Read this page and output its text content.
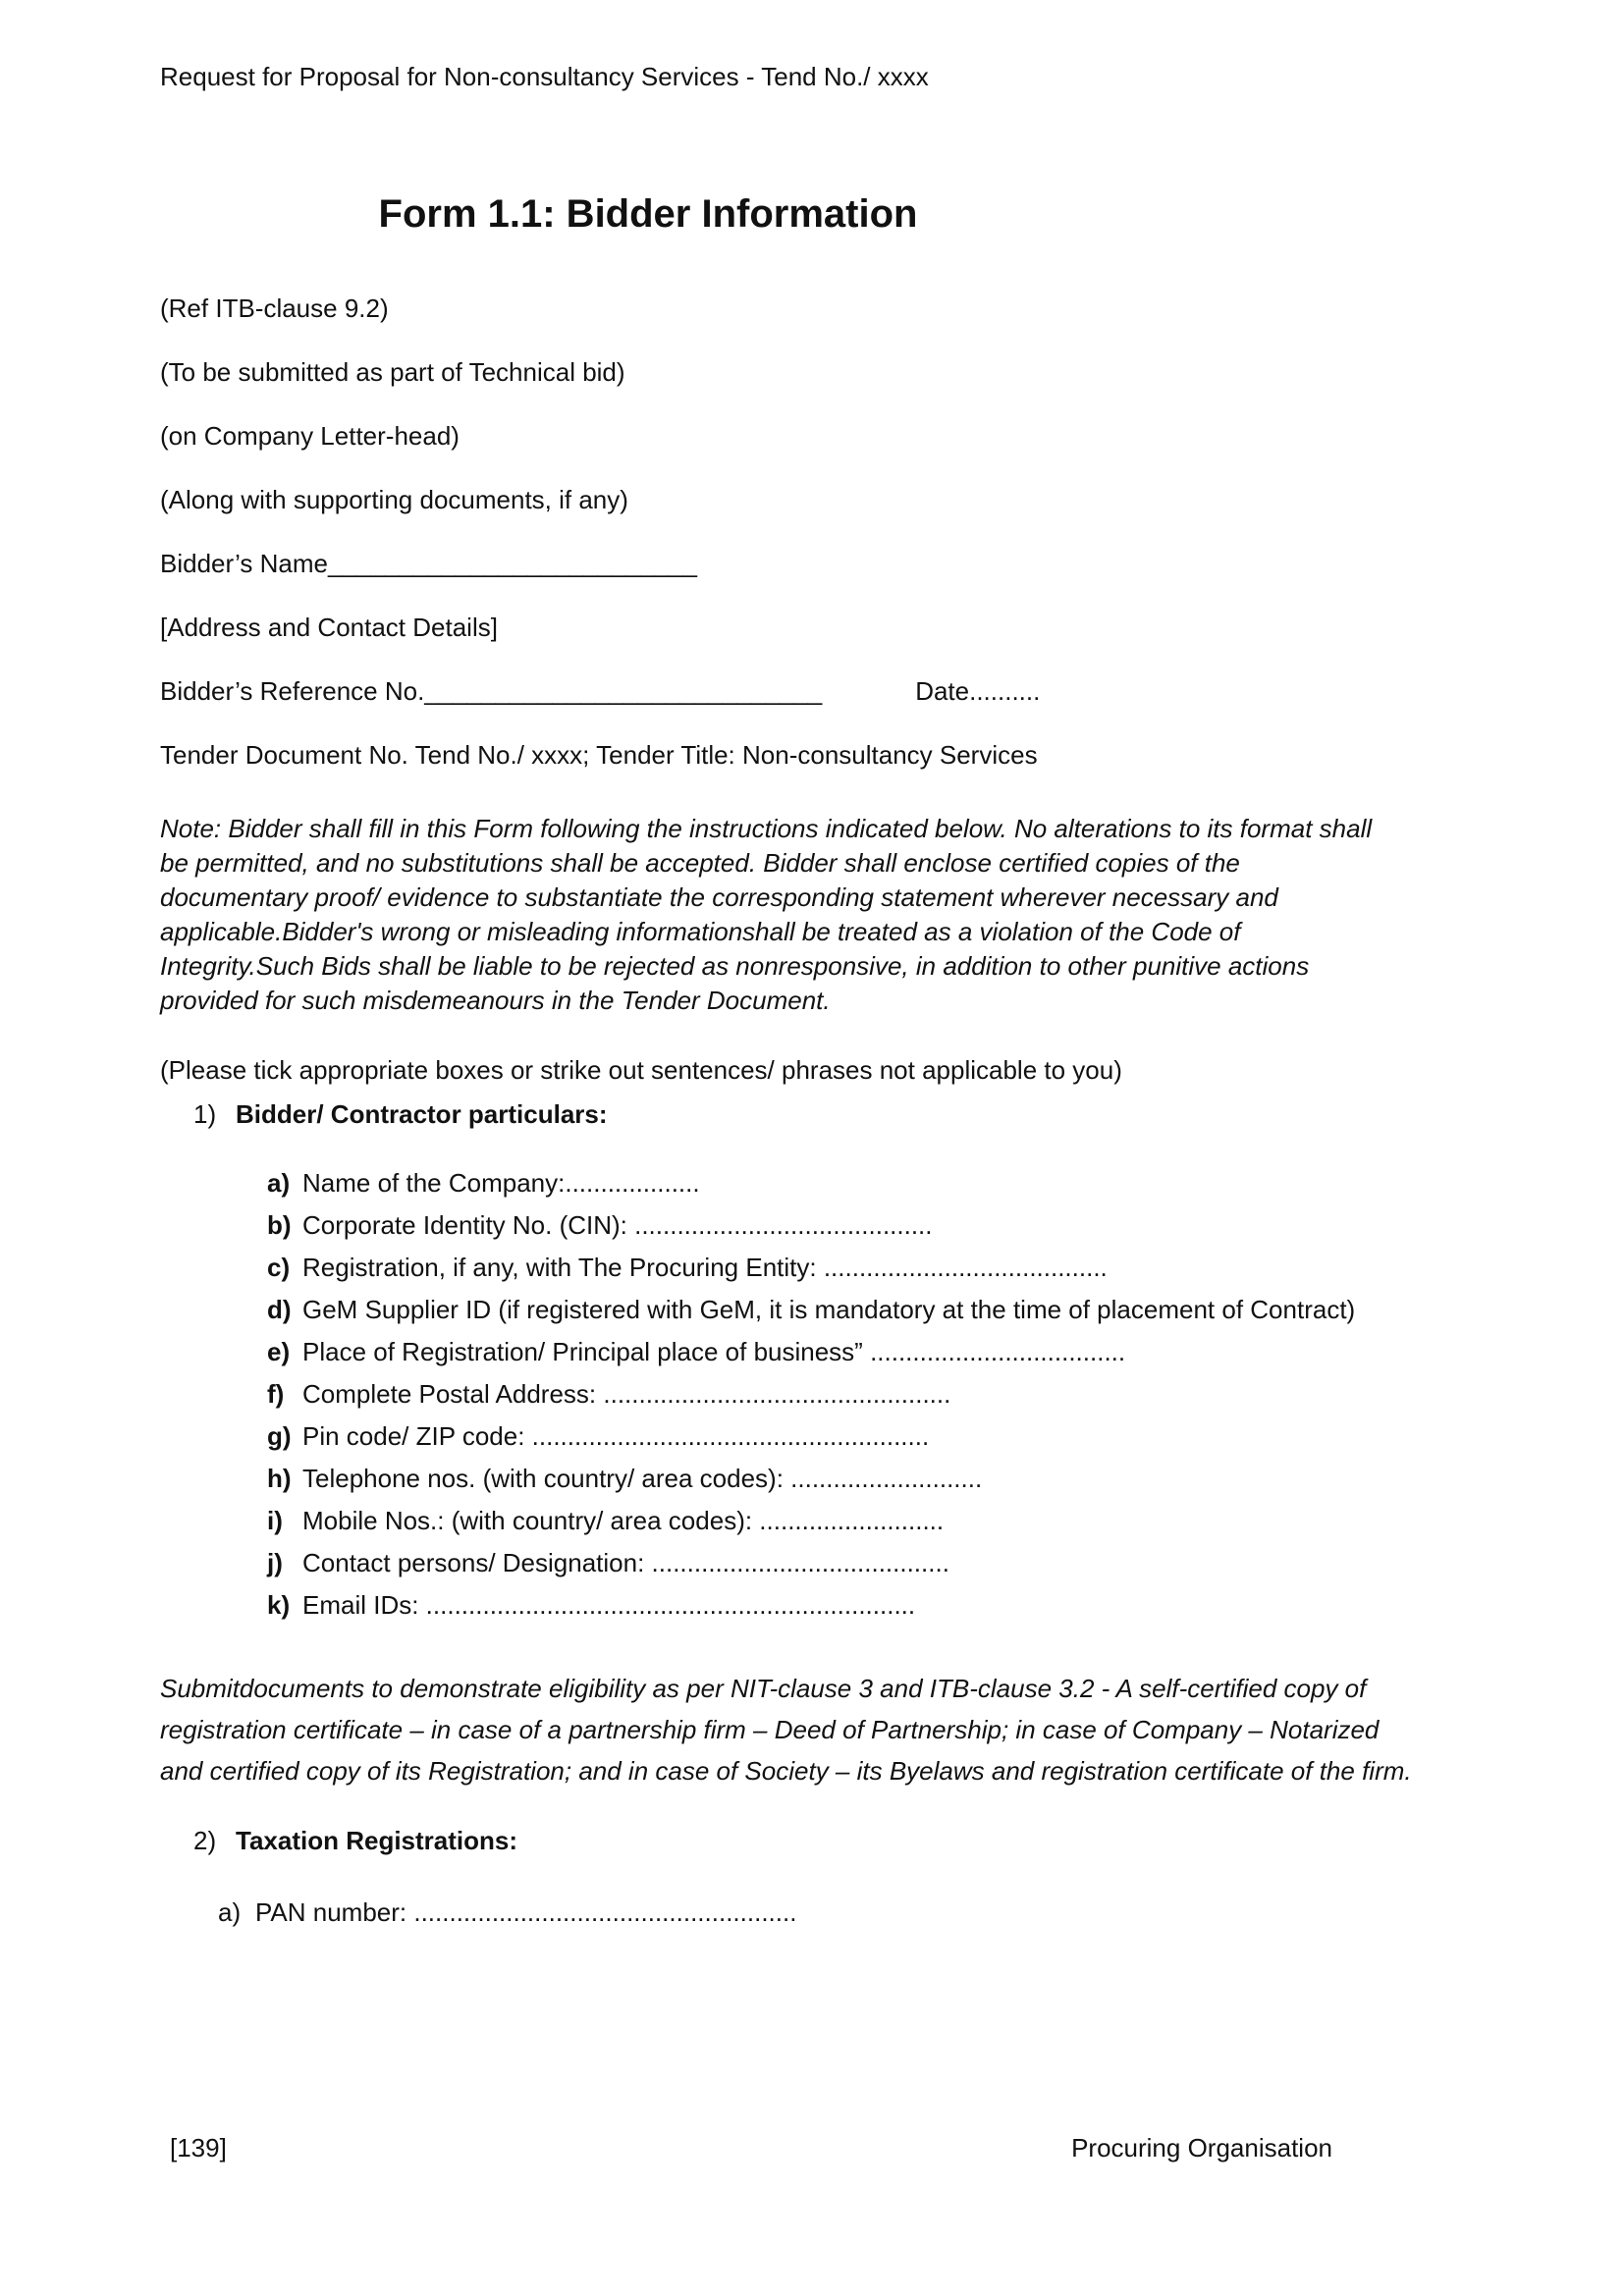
Request for Proposal for Non-consultancy Services - Tend No./ xxxx
Form 1.1: Bidder Information
(Ref ITB-clause 9.2)
(To be submitted as part of Technical bid)
(on Company Letter-head)
(Along with supporting documents, if any)
Bidder’s Name__________________________
[Address and Contact Details]
Bidder’s Reference No.____________________________	Date..........
Tender Document No. Tend No./ xxxx; Tender Title: Non-consultancy Services
Note: Bidder shall fill in this Form following the instructions indicated below. No alterations to its format shall be permitted, and no substitutions shall be accepted. Bidder shall enclose certified copies of the documentary proof/ evidence to substantiate the corresponding statement wherever necessary and applicable.Bidder's wrong or misleading informationshall be treated as a violation of the Code of Integrity.Such Bids shall be liable to be rejected as nonresponsive, in addition to other punitive actions provided for such misdemeanours in the Tender Document.
(Please tick appropriate boxes or strike out sentences/ phrases not applicable to you)
1) Bidder/ Contractor particulars:
a) Name of the Company:...................
b) Corporate Identity No. (CIN): ..........................................
c) Registration, if any, with The Procuring Entity: ........................................
d) GeM Supplier ID (if registered with GeM, it is mandatory at the time of placement of Contract)
e) Place of Registration/ Principal place of business” ....................................
f) Complete Postal Address: .................................................
g) Pin code/ ZIP code: ........................................................
h) Telephone nos. (with country/ area codes): ...........................
i) Mobile Nos.: (with country/ area codes): ..........................
j) Contact persons/ Designation: ..........................................
k) Email IDs: .....................................................................
Submitdocuments to demonstrate eligibility as per NIT-clause 3 and ITB-clause 3.2 - A self-certified copy of registration certificate – in case of a partnership firm – Deed of Partnership; in case of Company – Notarized and certified copy of its Registration; and in case of Society – its Byelaws and registration certificate of the firm.
2) Taxation Registrations:
a) PAN number: ......................................................
[139]	Procuring Organisation
